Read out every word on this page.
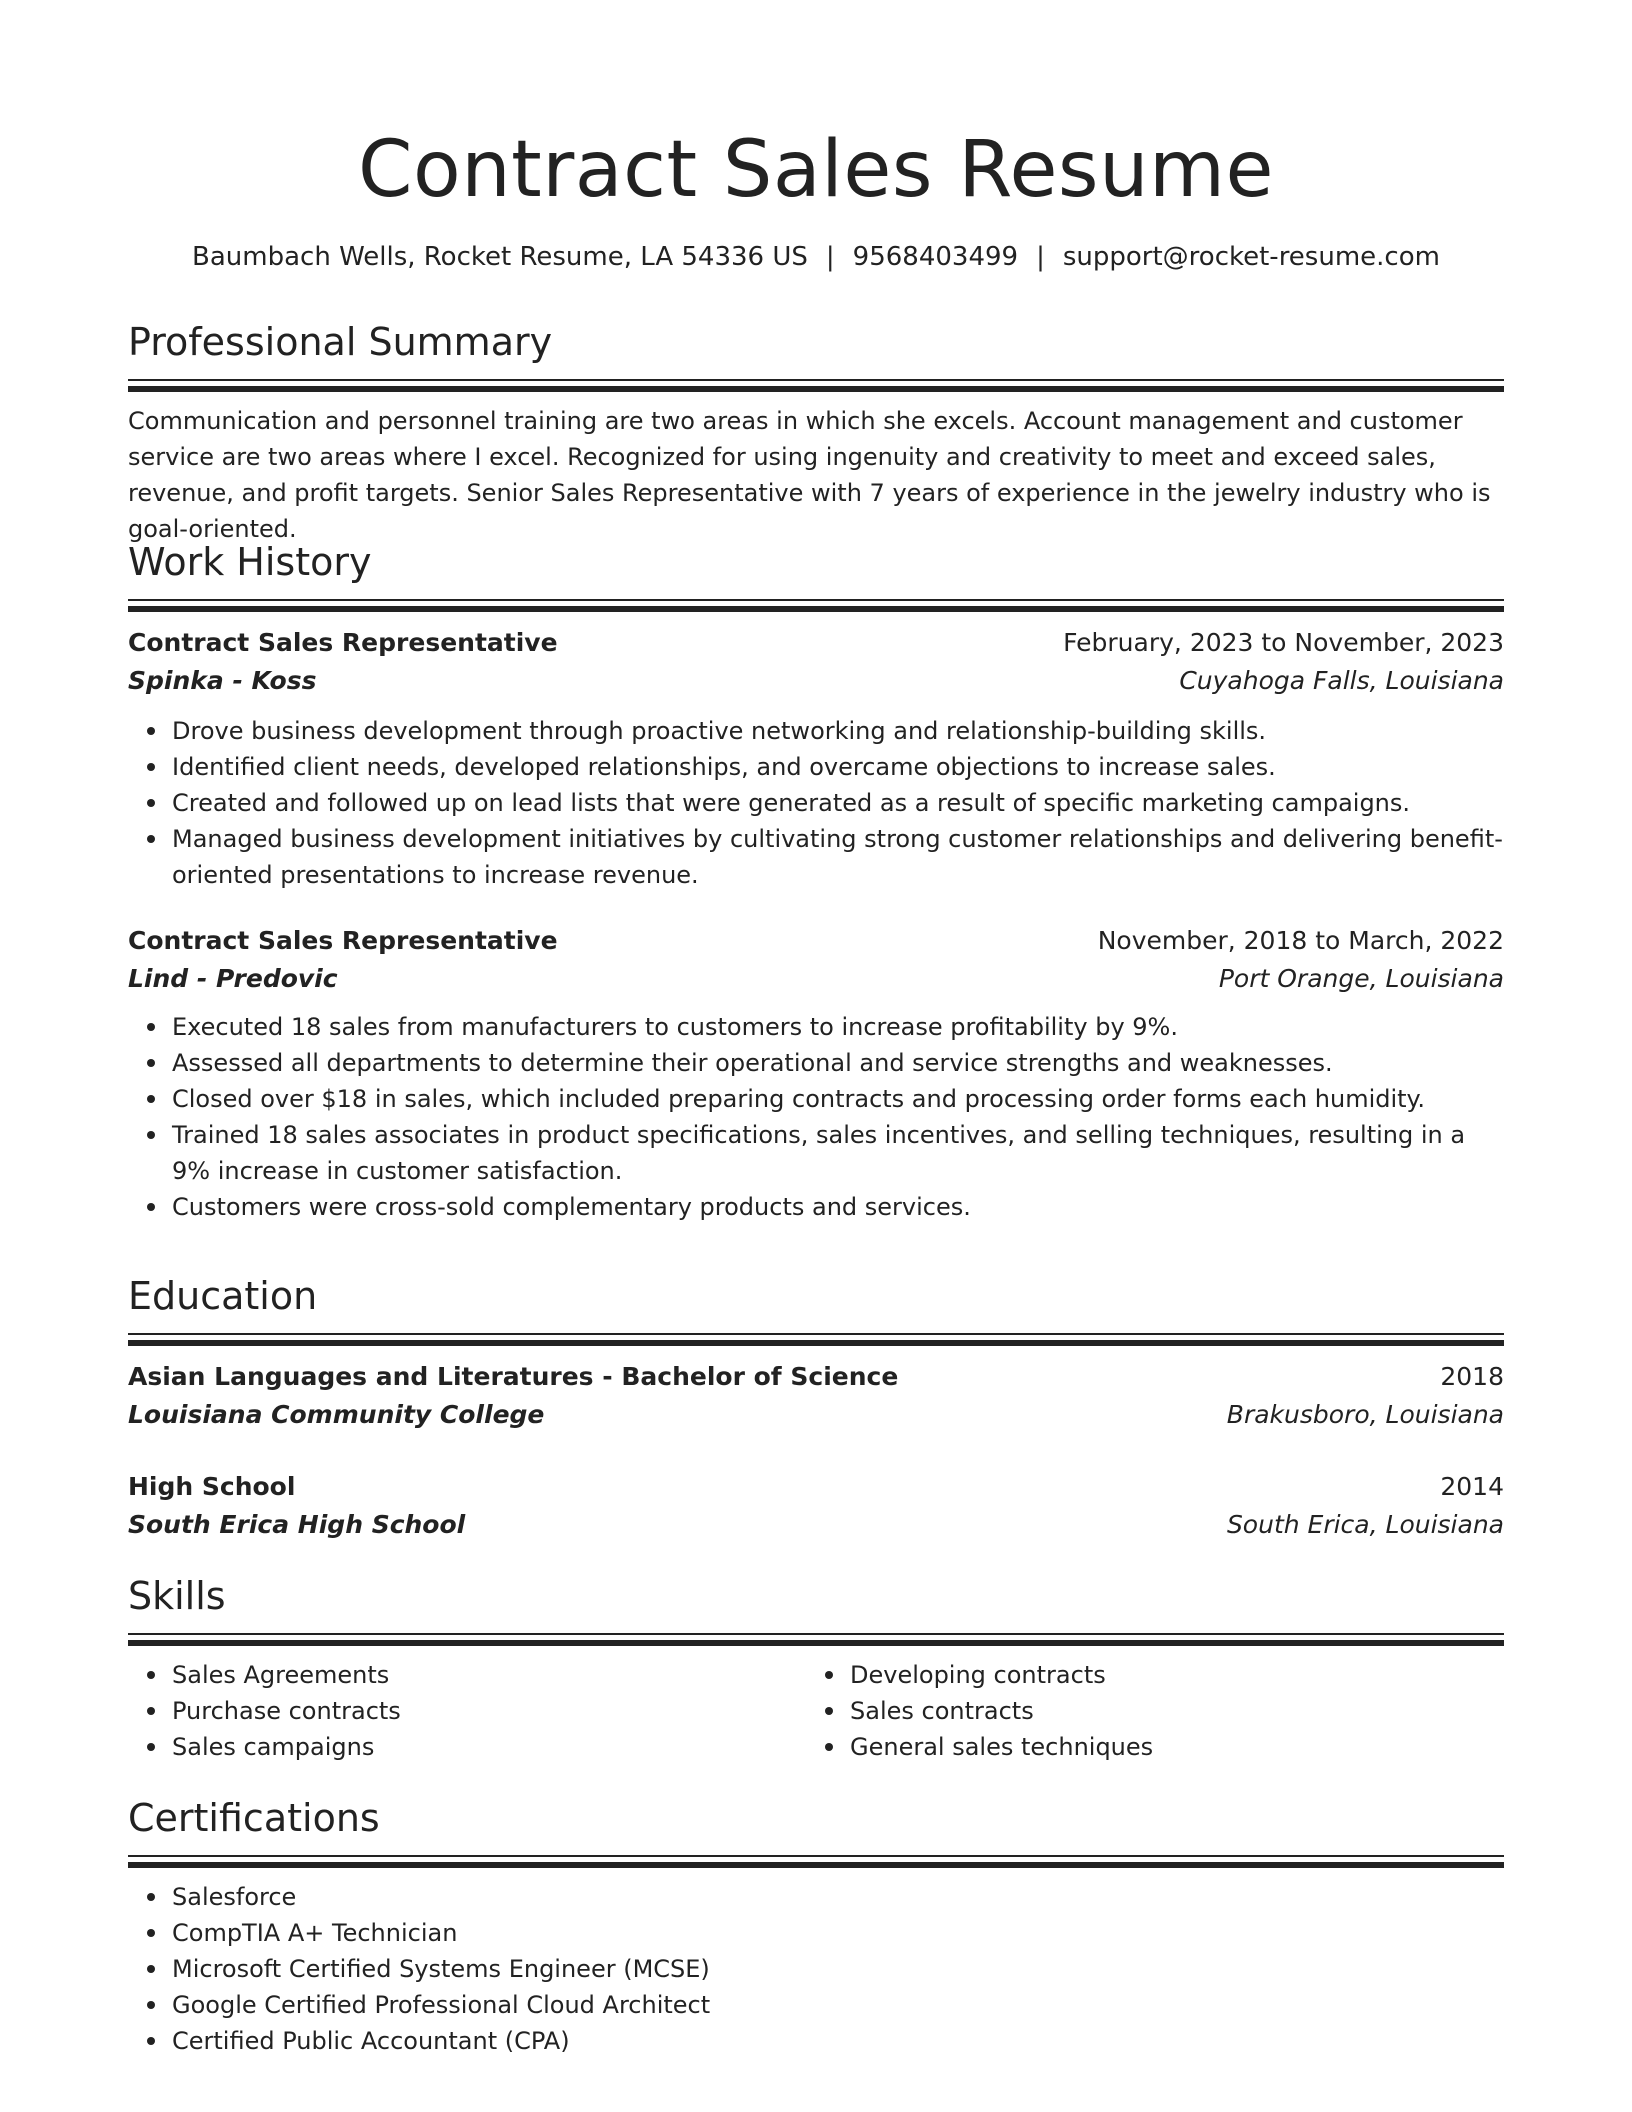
Contract Sales Resume
Baumbach Wells, Rocket Resume, LA 54336 US | 9568403499 | support@rocket-resume.com
Professional Summary

Communication and personnel training are two areas in which she excels. Account management and customer service are two areas where I excel. Recognized for using ingenuity and creativity to meet and exceed sales, revenue, and profit targets. Senior Sales Representative with 7 years of experience in the jewelry industry who is goal-oriented.

Work History
Contract Sales Representative	February, 2023 to November, 2023
Spinka - Koss	Cuyahoga Falls, Louisiana
Drove business development through proactive networking and relationship-building skills.
Identified client needs, developed relationships, and overcame objections to increase sales.
Created and followed up on lead lists that were generated as a result of specific marketing campaigns.
Managed business development initiatives by cultivating strong customer relationships and delivering benefit-oriented presentations to increase revenue.
Contract Sales Representative	November, 2018 to March, 2022
Lind - Predovic	Port Orange, Louisiana
Executed 18 sales from manufacturers to customers to increase profitability by 9%.
Assessed all departments to determine their operational and service strengths and weaknesses.
Closed over $18 in sales, which included preparing contracts and processing order forms each humidity.
Trained 18 sales associates in product specifications, sales incentives, and selling techniques, resulting in a 9% increase in customer satisfaction.
Customers were cross-sold complementary products and services.
Education
Asian Languages and Literatures - Bachelor of Science	2018
Louisiana Community College	Brakusboro, Louisiana
High School	2014
South Erica High School	South Erica, Louisiana
Skills
Sales Agreements
Purchase contracts
Sales campaigns
Developing contracts
Sales contracts
General sales techniques
Certifications
Salesforce
CompTIA A+ Technician
Microsoft Certified Systems Engineer (MCSE)
Google Certified Professional Cloud Architect
Certified Public Accountant (CPA)
